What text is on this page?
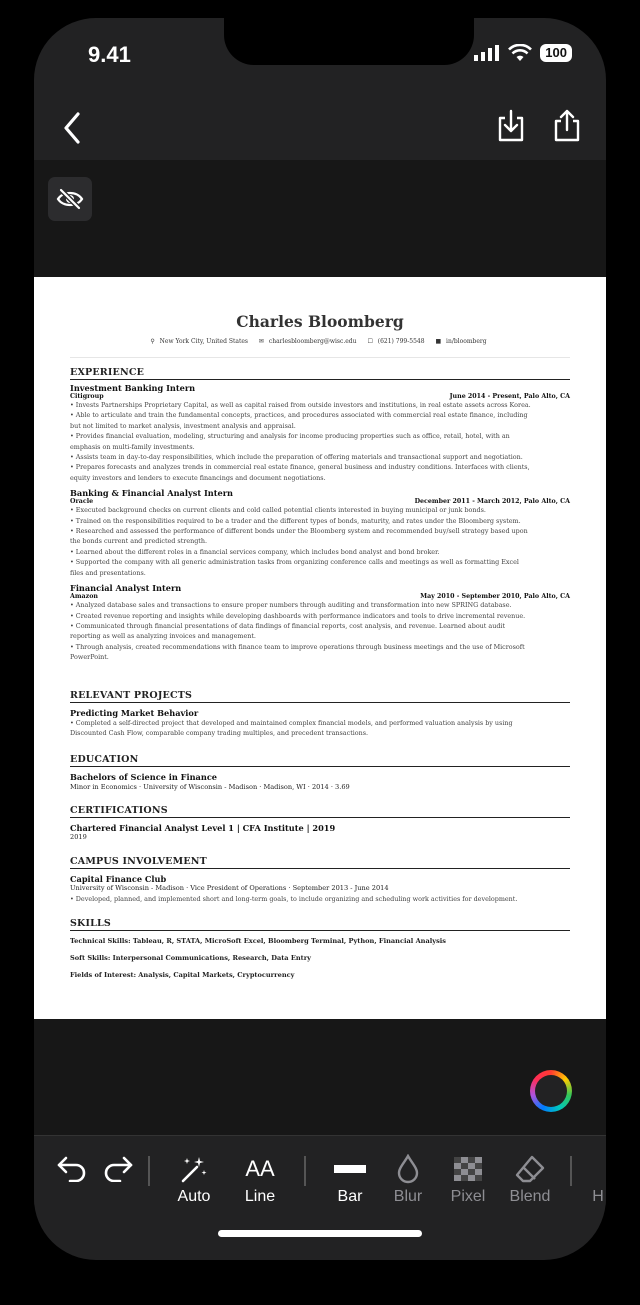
9.41	100
Charles Bloomberg
⚲ New York City, United States ✉ charlesbloomberg@wisc.edu ☐ (621) 799-5548 ■ in/bloomberg
EXPERIENCE
Investment Banking Intern
Citigroup	June 2014 - Present, Palo Alto, CA
• Invests Partnerships Proprietary Capital, as well as capital raised from outside investors and institutions, in real estate assets across Korea.
• Able to articulate and train the fundamental concepts, practices, and procedures associated with commercial real estate finance, including
but not limited to market analysis, investment analysis and appraisal.
• Provides financial evaluation, modeling, structuring and analysis for income producing properties such as office, retail, hotel, with an
emphasis on multi-family investments.
• Assists team in day-to-day responsibilities, which include the preparation of offering materials and transactional support and negotiation.
• Prepares forecasts and analyzes trends in commercial real estate finance, general business and industry conditions. Interfaces with clients,
equity investors and lenders to execute financings and document negotiations.
Banking & Financial Analyst Intern
Oracle	December 2011 - March 2012, Palo Alto, CA
• Executed background checks on current clients and cold called potential clients interested in buying municipal or junk bonds.
• Trained on the responsibilities required to be a trader and the different types of bonds, maturity, and rates under the Bloomberg system.
• Researched and assessed the performance of different bonds under the Bloomberg system and recommended buy/sell strategy based upon
the bonds current and predicted strength.
• Learned about the different roles in a financial services company, which includes bond analyst and bond broker.
• Supported the company with all generic administration tasks from organizing conference calls and meetings as well as formatting Excel
files and presentations.
Financial Analyst Intern
Amazon	May 2010 - September 2010, Palo Alto, CA
• Analyzed database sales and transactions to ensure proper numbers through auditing and transformation into new SPRING database.
• Created revenue reporting and insights while developing dashboards with performance indicators and tools to drive incremental revenue.
• Communicated through financial presentations of data findings of financial reports, cost analysis, and revenue. Learned about audit
reporting as well as analyzing invoices and management.
• Through analysis, created recommendations with finance team to improve operations through business meetings and the use of Microsoft
PowerPoint.
RELEVANT PROJECTS
Predicting Market Behavior
• Completed a self-directed project that developed and maintained complex financial models, and performed valuation analysis by using
Discounted Cash Flow, comparable company trading multiples, and precedent transactions.
EDUCATION
Bachelors of Science in Finance
Minor in Economics · University of Wisconsin - Madison · Madison, WI · 2014 · 3.69
CERTIFICATIONS
Chartered Financial Analyst Level 1 | CFA Institute | 2019
2019
CAMPUS INVOLVEMENT
Capital Finance Club
University of Wisconsin - Madison · Vice President of Operations · September 2013 - June 2014
• Developed, planned, and implemented short and long-term goals, to include organizing and scheduling work activities for development.
SKILLS
Technical Skills: Tableau, R, STATA, MicroSoft Excel, Bloomberg Terminal, Python, Financial Analysis
Soft Skills: Interpersonal Communications, Research, Data Entry
Fields of Interest: Analysis, Capital Markets, Cryptocurrency
Auto
AA
Line	Bar	Blur	Pixel	Blend	H
